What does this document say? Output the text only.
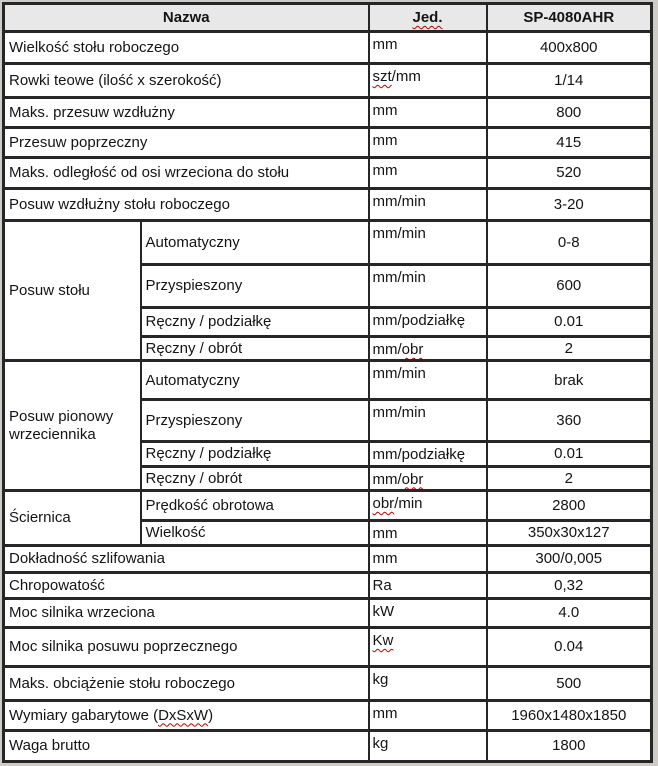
Nazwa		Jed.	SP-4080AHR
Wielkość stołu roboczego		mm	400x800
Rowki teowe (ilość x szerokość)		szt/mm	1/14
Maks. przesuw wzdłużny		mm	800
Przesuw poprzeczny		mm	415
Maks. odległość od osi wrzeciona do stołu		mm	520
Posuw wzdłużny stołu roboczego		mm/min	3-20
Posuw stołu	Automatyczny	mm/min	0-8
	Przyspieszony	mm/min	600
	Ręczny / podziałkę	mm/podziałkę	0.01
	Ręczny / obrót	mm/obr	2
Posuw pionowy wrzeciennika	Automatyczny	mm/min	brak
	Przyspieszony	mm/min	360
	Ręczny / podziałkę	mm/podziałkę	0.01
	Ręczny / obrót	mm/obr	2
Ściernica	Prędkość obrotowa	obr/min	2800
	Wielkość	mm	350x30x127
Dokładność szlifowania		mm	300/0,005
Chropowatość		Ra	0,32
Moc silnika wrzeciona		kW	4.0
Moc silnika posuwu poprzecznego		Kw	0.04
Maks. obciążenie stołu roboczego		kg	500
Wymiary gabarytowe (DxSxW)		mm	1960x1480x1850
Waga brutto		kg	1800
